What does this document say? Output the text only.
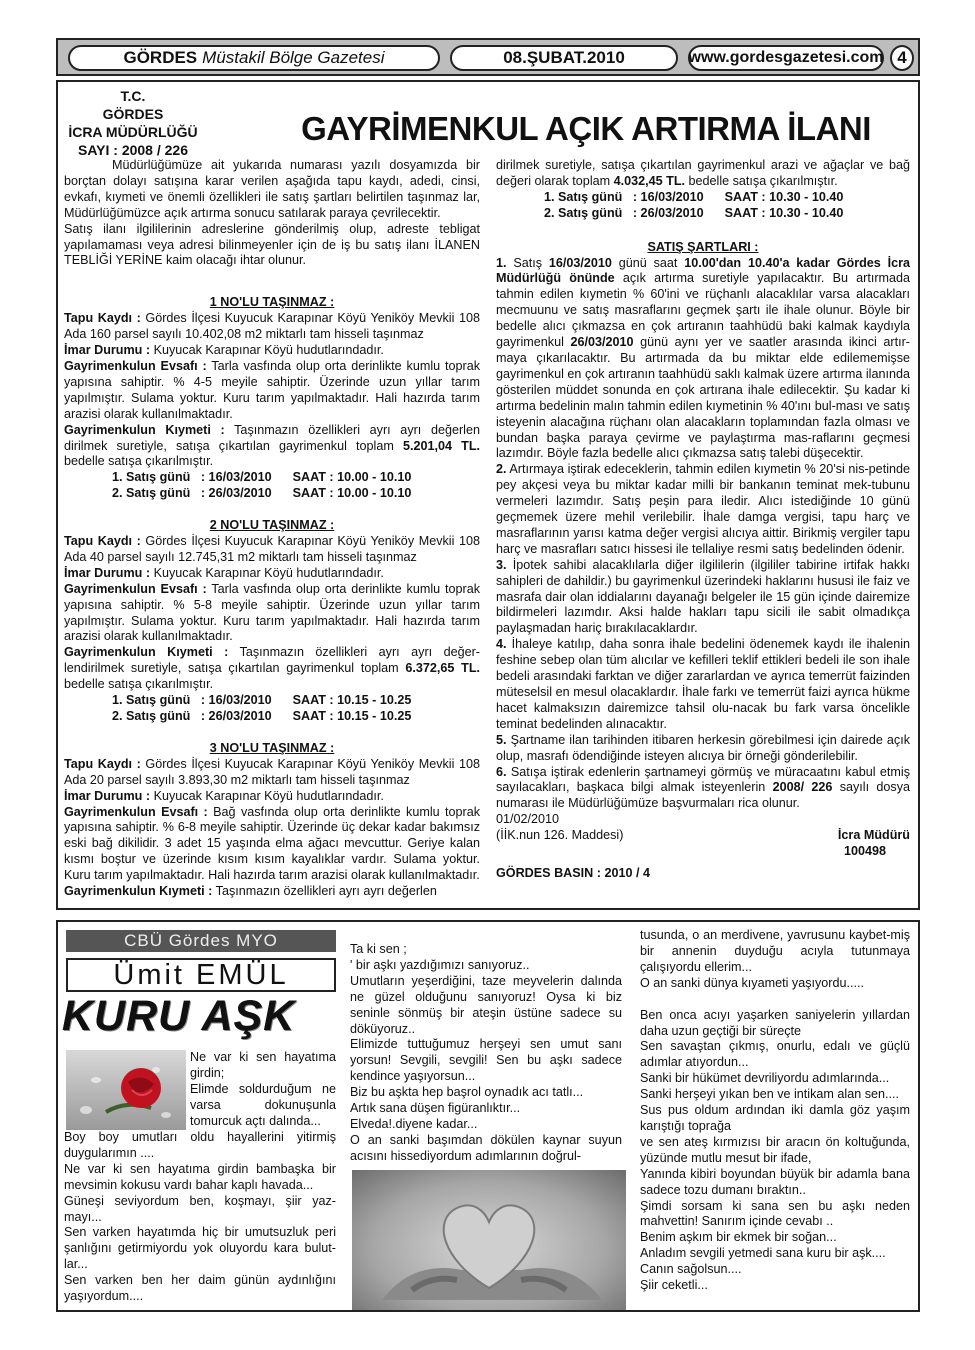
GÖRDES Müstakil Bölge Gazetesi	08.ŞUBAT.2010	www.gordesgazetesi.com 4
T.C.
GÖRDES
İCRA MÜDÜRLÜĞÜ
SAYI : 2008 / 226
GAYRİMENKUL AÇIK ARTIRMA İLANI

Müdürlüğümüze ait yukarıda numarası yazılı dosyamızda bir borçtan dolayı satışına karar verilen aşağıda tapu kaydı, adedi, cinsi, evkafı, kıymeti ve önemli özellikleri ile satış şartları belirtilen taşınmaz lar, Müdürlüğümüzce açık artırma sonucu satılarak paraya çevrilecektir.

Satış ilanı ilgililerinin adreslerine gönderilmiş olup, adreste tebligat yapılamaması veya adresi bilinmeyenler için de iş bu satış ilanı İLANEN TEBLİĞİ YERİNE kaim olacağı ihtar olunur.

1 NO'LU TAŞINMAZ :

Tapu Kaydı : Gördes İlçesi Kuyucuk Karapınar Köyü Yeniköy Mevkii 108 Ada 160 parsel sayılı 10.402,08 m2 miktarlı tam hisseli taşınmaz

İmar Durumu : Kuyucak Karapınar Köyü hudutlarındadır.

Gayrimenkulun Evsafı : Tarla vasfında olup orta derinlikte kumlu toprak yapısına sahiptir. % 4-5 meyile sahiptir. Üzerinde uzun yıllar tarım yapılmıştır. Sulama yoktur. Kuru tarım yapılmaktadır. Hali hazırda tarım arazisi olarak kullanılmaktadır.

Gayrimenkulun Kıymeti : Taşınmazın özellikleri ayrı ayrı değerlen dirilmek suretiyle, satışa çıkartılan gayrimenkul toplam 5.201,04 TL. bedelle satışa çıkarılmıştır.

1. Satış günü   : 16/03/2010      SAAT : 10.00 - 10.10

2. Satış günü   : 26/03/2010      SAAT : 10.00 - 10.10

2 NO'LU TAŞINMAZ :

Tapu Kaydı : Gördes İlçesi Kuyucuk Karapınar Köyü Yeniköy Mevkii 108 Ada 40 parsel sayılı 12.745,31 m2 miktarlı tam hisseli taşınmaz

İmar Durumu : Kuyucak Karapınar Köyü hudutlarındadır.

Gayrimenkulun Evsafı : Tarla vasfında olup orta derinlikte kumlu toprak yapısına sahiptir. % 5-8 meyile sahiptir. Üzerinde uzun yıllar tarım yapılmıştır. Sulama yoktur. Kuru tarım yapılmaktadır. Hali hazırda tarım arazisi olarak kullanılmaktadır.

Gayrimenkulun Kıymeti : Taşınmazın özellikleri ayrı ayrı değer-lendirilmek suretiyle, satışa çıkartılan gayrimenkul toplam 6.372,65 TL. bedelle satışa çıkarılmıştır.

1. Satış günü   : 16/03/2010      SAAT : 10.15 - 10.25

2. Satış günü   : 26/03/2010      SAAT : 10.15 - 10.25

3 NO'LU TAŞINMAZ :

Tapu Kaydı : Gördes İlçesi Kuyucak Karapınar Köyü Yeniköy Mevkii 108 Ada 20 parsel sayılı 3.893,30 m2 miktarlı tam hisseli taşınmaz

İmar Durumu : Kuyucak Karapınar Köyü hudutlarındadır.

Gayrimenkulun Evsafı : Bağ vasfında olup orta derinlikte kumlu toprak yapısına sahiptir. % 6-8 meyile sahiptir. Üzerinde üç dekar kadar bakımsız eski bağ dikilidir. 3 adet 15 yaşında elma ağacı mevcuttur. Geriye kalan kısmı boştur ve üzerinde kısım kısım kayalıklar vardır. Sulama yoktur. Kuru tarım yapılmaktadır. Hali hazırda tarım arazisi olarak kullanılmaktadır.

Gayrimenkulun Kıymeti : Taşınmazın özellikleri ayrı ayrı değerlen

dirilmek suretiyle, satışa çıkartılan gayrimenkul arazi ve ağaçlar ve bağ değeri olarak toplam 4.032,45 TL. bedelle satışa çıkarılmıştır.

1. Satış günü   : 16/03/2010      SAAT : 10.30 - 10.40

2. Satış günü   : 26/03/2010      SAAT : 10.30 - 10.40

SATIŞ ŞARTLARI :

1. Satış 16/03/2010 günü saat 10.00'dan 10.40'a kadar Gördes İcra Müdürlüğü önünde açık artırma suretiyle yapılacaktır. Bu artırmada tahmin edilen kıymetin % 60'ini ve rüçhanlı alacaklılar varsa alacakları mecmuunu ve satış masraflarını geçmek şartı ile ihale olunur. Böyle bir bedelle alıcı çıkmazsa en çok artıranın taahhüdü baki kalmak kaydıyla gayrimenkul 26/03/2010 günü aynı yer ve saatler arasında ikinci artır-maya çıkarılacaktır. Bu artırmada da bu miktar elde edilememişse gayrimenkul en çok artıranın taahhüdü saklı kalmak üzere artırma ilanında gösterilen müddet sonunda en çok artırana ihale edilecektir. Şu kadar ki artırma bedelinin malın tahmin edilen kıymetinin % 40'ını bul-ması ve satış isteyenin alacağına rüçhanı olan alacakların toplamından fazla olması ve bundan başka paraya çevirme ve paylaştırma mas-raflarını geçmesi lazımdır. Böyle fazla bedelle alıcı çıkmazsa satış talebi düşecektir.

2. Artırmaya iştirak edeceklerin, tahmin edilen kıymetin % 20'si nis-petinde pey akçesi veya bu miktar kadar milli bir bankanın teminat mek-tubunu vermeleri lazımdır. Satış peşin para iledir. Alıcı istediğinde 10 günü geçmemek üzere mehil verilebilir. İhale damga vergisi, tapu harç ve masraflarının yarısı katma değer vergisi alıcıya aittir. Birikmiş vergiler tapu harç ve masrafları satıcı hissesi ile tellaliye resmi satış bedelinden ödenir.

3. İpotek sahibi alacaklılarla diğer ilgililerin (ilgililer tabirine irtifak hakkı sahipleri de dahildir.) bu gayrimenkul üzerindeki haklarını hususi ile faiz ve masrafa dair olan iddialarını dayanağı belgeler ile 15 gün içinde dairemize bildirmeleri lazımdır. Aksi halde hakları tapu sicili ile sabit olmadıkça paylaşmadan hariç bırakılacaklardır.

4. İhaleye katılıp, daha sonra ihale bedelini ödenemek kaydı ile ihalenin feshine sebep olan tüm alıcılar ve kefilleri teklif ettikleri bedeli ile son ihale bedeli arasındaki farktan ve diğer zararlardan ve ayrıca temerrüt faizinden müteselsil en mesul olacaklardır. İhale farkı ve temerrüt faizi ayrıca hükme hacet kalmaksızın dairemizce tahsil olu-nacak bu fark varsa öncelikle teminat bedelinden alınacaktır.

5. Şartname ilan tarihinden itibaren herkesin görebilmesi için dairede açık olup, masrafı ödendiğinde isteyen alıcıya bir örneği gönderilebilir.

6. Satışa iştirak edenlerin şartnameyi görmüş ve müracaatını kabul etmiş sayılacakları, başkaca bilgi almak isteyenlerin 2008/ 226 sayılı dosya numarası ile Müdürlüğümüze başvurmaları rica olunur.

01/02/2010

(İİK.nun 126. Maddesi)	İcra Müdürü

100498

GÖRDES BASIN : 2010 / 4

CBÜ Gördes MYO
Ümit EMÜL
KURU AŞK

Ne var ki sen hayatıma girdin;

Elimde soldurduğum ne varsa dokunuşunla tomurcuk açtı dalında...

Boy boy umutları oldu hayallerini yitirmiş duygularımın ....

Ne var ki sen hayatıma girdin bambaşka bir mevsimin kokusu vardı bahar kaplı havada...

Güneşi seviyordum ben, koşmayı, şiir yaz-mayı...

Sen varken hayatımda hiç bir umutsuzluk peri şanlığını getirmiyordu yok oluyordu kara bulut-lar...

Sen varken ben her daim günün aydınlığını yaşıyordum....

Ta ki sen ;

' bir aşkı yazdığımızı sanıyoruz..

Umutların yeşerdiğini, taze meyvelerin dalında ne güzel olduğunu sanıyoruz! Oysa ki biz seninle sönmüş bir ateşin üstüne sadece su döküyoruz..

Elimizde tuttuğumuz herşeyi sen umut sanı yorsun! Sevgili, sevgili! Sen bu aşkı sadece kendince yaşıyorsun...

Biz bu aşkta hep başrol oynadık acı tatlı...

Artık sana düşen figüranlıktır...

Elveda!.diyene kadar...

O an sanki başımdan dökülen kaynar suyun acısını hissediyordum adımlarının doğrul-

tusunda, o an merdivene, yavrusunu kaybet-miş bir annenin duyduğu acıyla tutunmaya çalışıyordu ellerim...

O an sanki dünya kıyameti yaşıyordu.....

Ben onca acıyı yaşarken saniyelerin yıllardan daha uzun geçtiği bir süreçte

Sen savaştan çıkmış, onurlu, edalı ve güçlü adımlar atıyordun...

Sanki bir hükümet devriliyordu adımlarında...

Sanki herşeyi yıkan ben ve intikam alan sen....

Sus pus oldum ardından iki damla göz yaşım karıştığı toprağa

ve sen ateş kırmızısı bir aracın ön koltuğunda, yüzünde mutlu mesut bir ifade,

Yanında kibiri boyundan büyük bir adamla bana sadece tozu dumanı bıraktın..

Şimdi sorsam ki sana sen bu aşkı neden mahvettin! Sanırım içinde cevabı ..

Benim aşkım bir ekmek bir soğan...

Anladım sevgili yetmedi sana kuru bir aşk....

Canın sağolsun....

Şiir ceketli...
